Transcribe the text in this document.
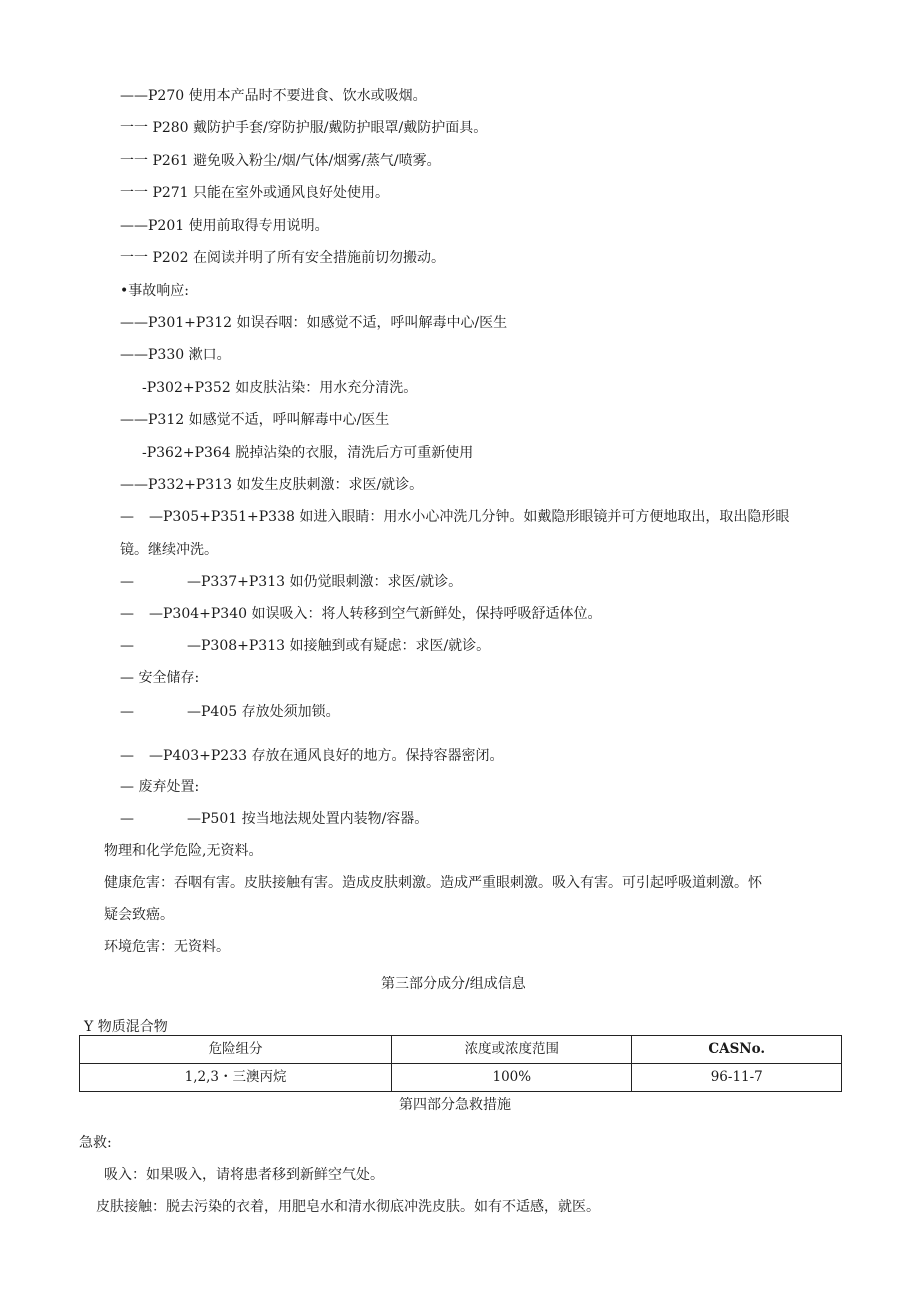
——P270 使用本产品时不要进食、饮水或吸烟。
一一 P280 戴防护手套/穿防护服/戴防护眼罩/戴防护面具。
一一 P261 避免吸入粉尘/烟/气体/烟雾/蒸气/喷雾。
一一 P271 只能在室外或通风良好处使用。
——P201 使用前取得专用说明。
一一 P202 在阅读并明了所有安全措施前切勿搬动。
•事故响应:
——P301+P312 如误吞咽：如感觉不适，呼叫解毒中心/医生
——P330 漱口。
-P302+P352 如皮肤沾染：用水充分清洗。
——P312 如感觉不适，呼叫解毒中心/医生
-P362+P364 脱掉沾染的衣服，清洗后方可重新使用
——P332+P313 如发生皮肤刺激：求医/就诊。
— —P305+P351+P338 如进入眼睛：用水小心冲洗几分钟。如戴隐形眼镜并可方便地取出，取出隐形眼
镜。继续冲洗。
—	—P337+P313 如仍觉眼刺激：求医/就诊。
— —P304+P340 如误吸入：将人转移到空气新鲜处，保持呼吸舒适体位。
—	—P308+P313 如接触到或有疑虑：求医/就诊。
— 安全储存:
—	—P405 存放处须加锁。
— —P403+P233 存放在通风良好的地方。保持容器密闭。
— 废弃处置:
—	—P501 按当地法规处置内装物/容器。
物理和化学危险,无资料。
健康危害：吞咽有害。皮肤接触有害。造成皮肤刺激。造成严重眼刺激。吸入有害。可引起呼吸道刺激。怀
疑会致癌。
环境危害：无资料。
第三部分成分/组成信息
Y 物质混合物
危险组分	浓度或浓度范围	CASNo.
1,2,3・三澳丙烷	100%	96-11-7
第四部分急救措施
急救:
吸入：如果吸入，请将患者移到新鲜空气处。
皮肤接触：脱去污染的衣着，用肥皂水和清水彻底冲洗皮肤。如有不适感，就医。
